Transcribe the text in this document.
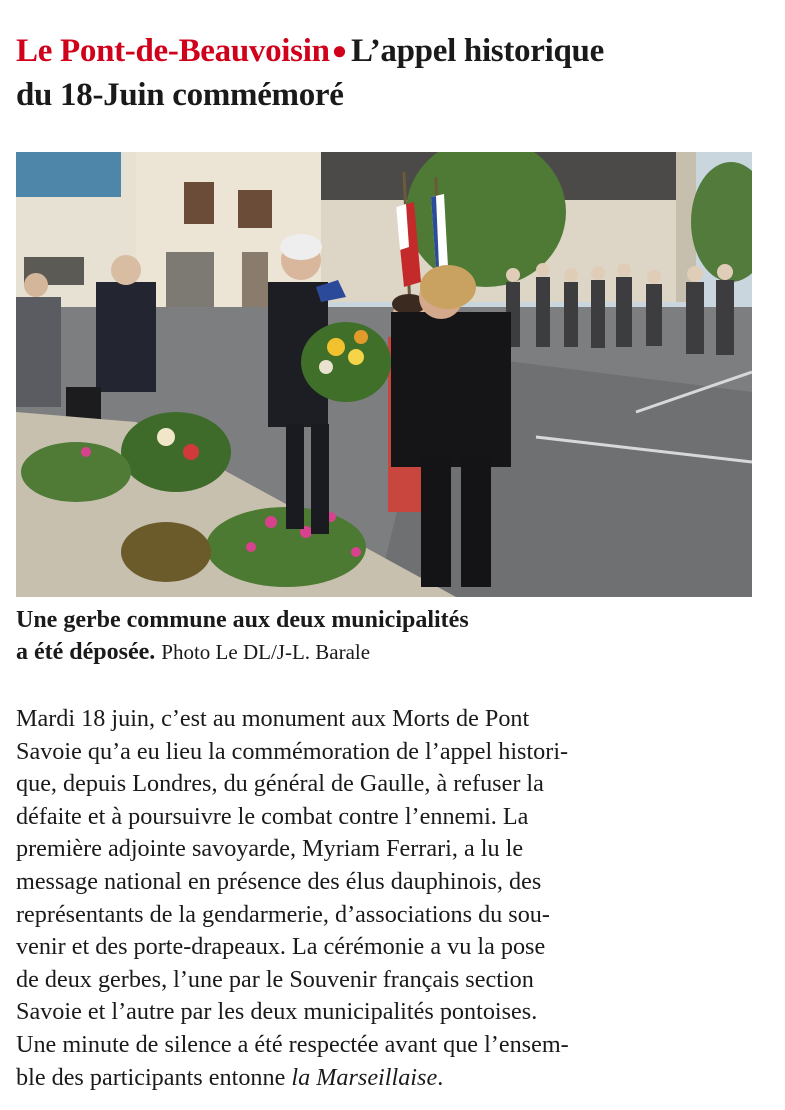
Le Pont-de-Beauvoisin● L’appel historique
du 18-Juin commémoré

Une gerbe commune aux deux municipalités
a été déposée. Photo Le DL/J-L. Barale

Mardi 18 juin, c’est au monument aux Morts de Pont
Savoie qu’a eu lieu la commémoration de l’appel histori-
que, depuis Londres, du général de Gaulle, à refuser la
défaite et à poursuivre le combat contre l’ennemi. La
première adjointe savoyarde, Myriam Ferrari, a lu le
message national en présence des élus dauphinois, des
représentants de la gendarmerie, d’associations du sou-
venir et des porte-drapeaux. La cérémonie a vu la pose
de deux gerbes, l’une par le Souvenir français section
Savoie et l’autre par les deux municipalités pontoises.
Une minute de silence a été respectée avant que l’ensem-
ble des participants entonne la Marseillaise.
